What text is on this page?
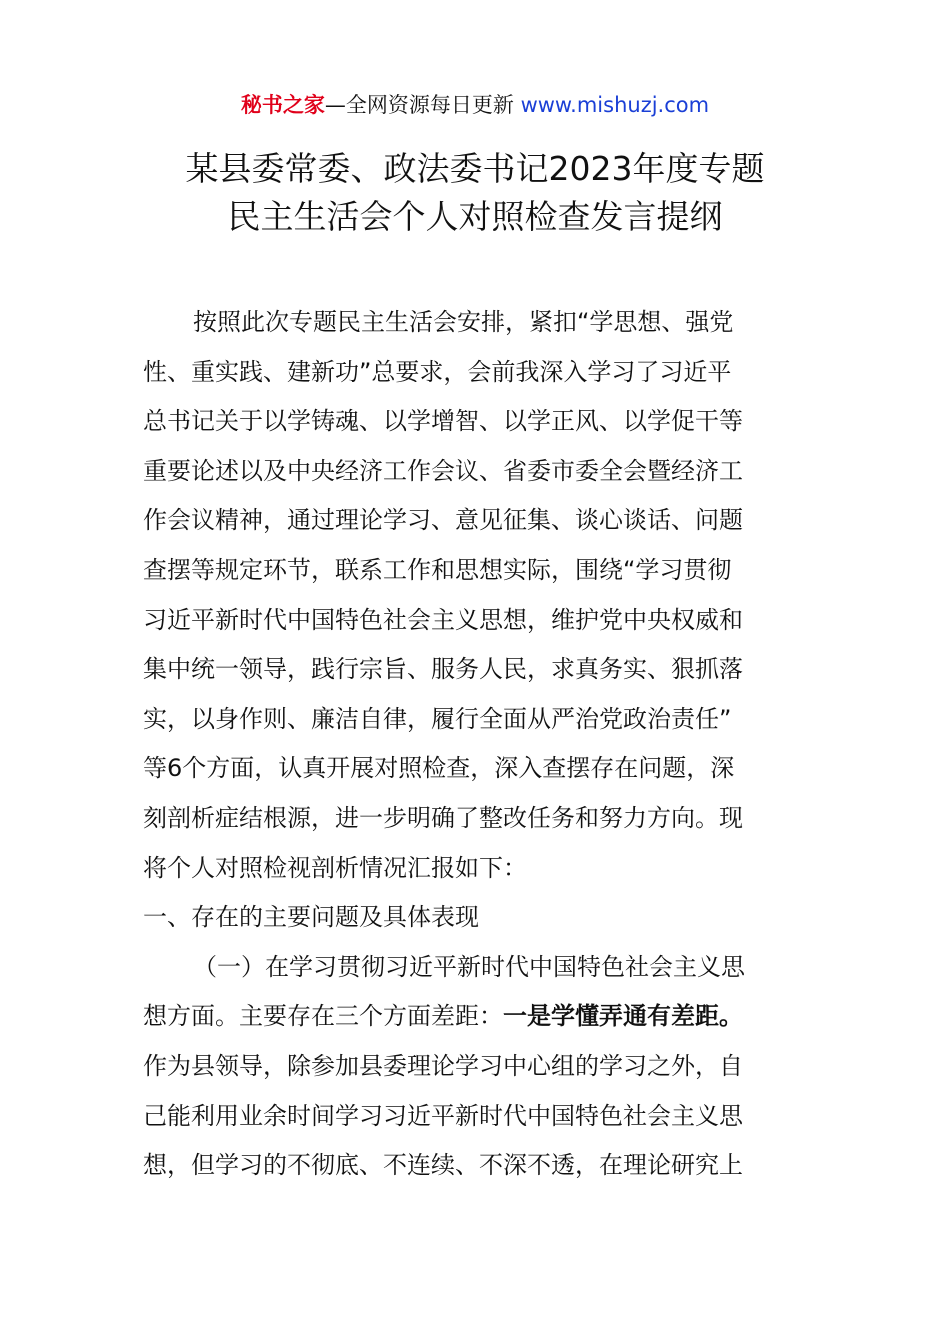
秘书之家—全网资源每日更新 www.mishuzj.com
某县委常委、政法委书记2023年度专题
民主生活会个人对照检查发言提纲
按照此次专题民主生活会安排，紧扣“学思想、强党
性、重实践、建新功”总要求，会前我深入学习了习近平
总书记关于以学铸魂、以学增智、以学正风、以学促干等
重要论述以及中央经济工作会议、省委市委全会暨经济工
作会议精神，通过理论学习、意见征集、谈心谈话、问题
查摆等规定环节，联系工作和思想实际，围绕“学习贯彻
习近平新时代中国特色社会主义思想，维护党中央权威和
集中统一领导，践行宗旨、服务人民，求真务实、狠抓落
实，以身作则、廉洁自律，履行全面从严治党政治责任”
等6个方面，认真开展对照检查，深入查摆存在问题，深
刻剖析症结根源，进一步明确了整改任务和努力方向。现
将个人对照检视剖析情况汇报如下：
一、存在的主要问题及具体表现
（一）在学习贯彻习近平新时代中国特色社会主义思
想方面。主要存在三个方面差距：一是学懂弄通有差距。
作为县领导，除参加县委理论学习中心组的学习之外，自
己能利用业余时间学习习近平新时代中国特色社会主义思
想，但学习的不彻底、不连续、不深不透，在理论研究上
